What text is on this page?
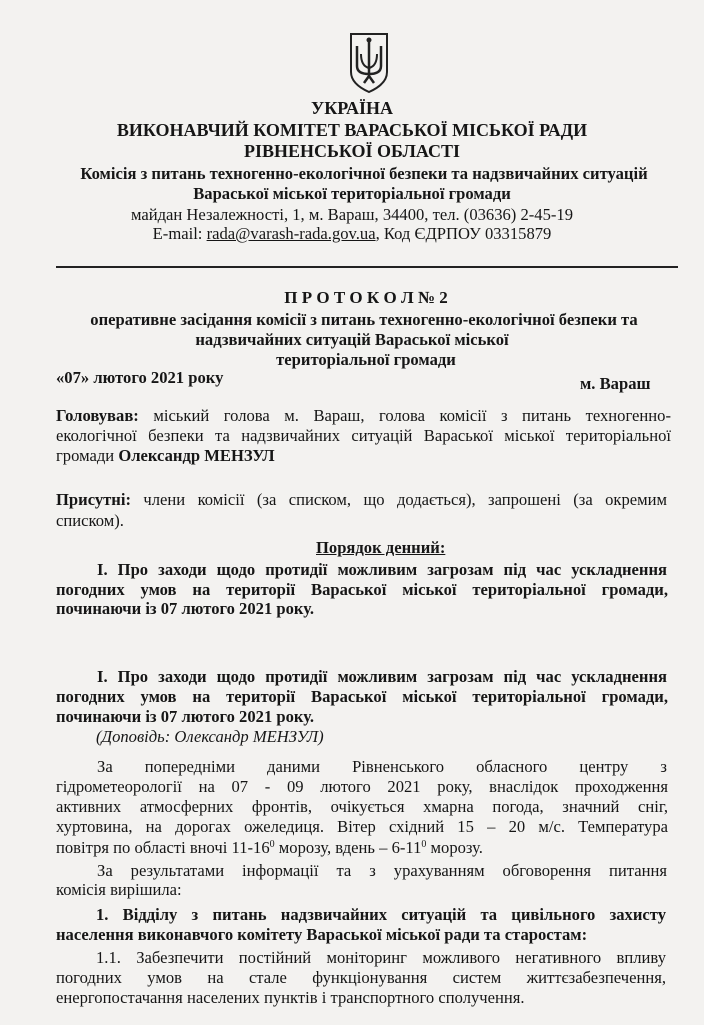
УКРАЇНА
ВИКОНАВЧИЙ КОМІТЕТ ВАРАСЬКОЇ МІСЬКОЇ РАДИ
РІВНЕНСЬКОЇ ОБЛАСТІ
Комісія з питань техногенно-екологічної безпеки та надзвичайних ситуацій
Вараської міської територіальної громади
майдан Незалежності, 1, м. Вараш, 34400, тел. (03636) 2-45-19
E-mail: rada@varash-rada.gov.ua, Код ЄДРПОУ 03315879
П Р О Т О К О Л № 2
оперативне засідання комісії з питань техногенно-екологічної безпеки та
надзвичайних ситуацій Вараської міської
територіальної громади
«07» лютого 2021 року	м. Вараш
Головував: міський голова м. Вараш, голова комісії з питань техногенно-
екологічної безпеки та надзвичайних ситуацій Вараської міської територіальної
громади Олександр МЕНЗУЛ
Присутні: члени комісії (за списком, що додається), запрошені (за окремим
списком).
Порядок денний:
І. Про заходи щодо протидії можливим загрозам під час ускладнення
погодних умов на території Вараської міської територіальної громади,
починаючи із 07 лютого 2021 року.
І. Про заходи щодо протидії можливим загрозам під час ускладнення
погодних умов на території Вараської міської територіальної громади,
починаючи із 07 лютого 2021 року.
(Доповідь: Олександр МЕНЗУЛ)
За попередніми даними Рівненського обласного центру з
гідрометеорології на 07 - 09 лютого 2021 року, внаслідок проходження
активних атмосферних фронтів, очікується хмарна погода, значний сніг,
хуртовина, на дорогах ожеледиця. Вітер східний 15 – 20 м/с. Температура
повітря по області вночі $11-16^0$ морозу, вдень – $6-11^0$ морозу.
За результатами інформації та з урахуванням обговорення питання
комісія вирішила:
1. Відділу з питань надзвичайних ситуацій та цивільного захисту
населення виконавчого комітету Вараської міської ради та старостам:
1.1. Забезпечити постійний моніторинг можливого негативного впливу
погодних умов на стале функціонування систем життєзабезпечення,
енергопостачання населених пунктів і транспортного сполучення.
